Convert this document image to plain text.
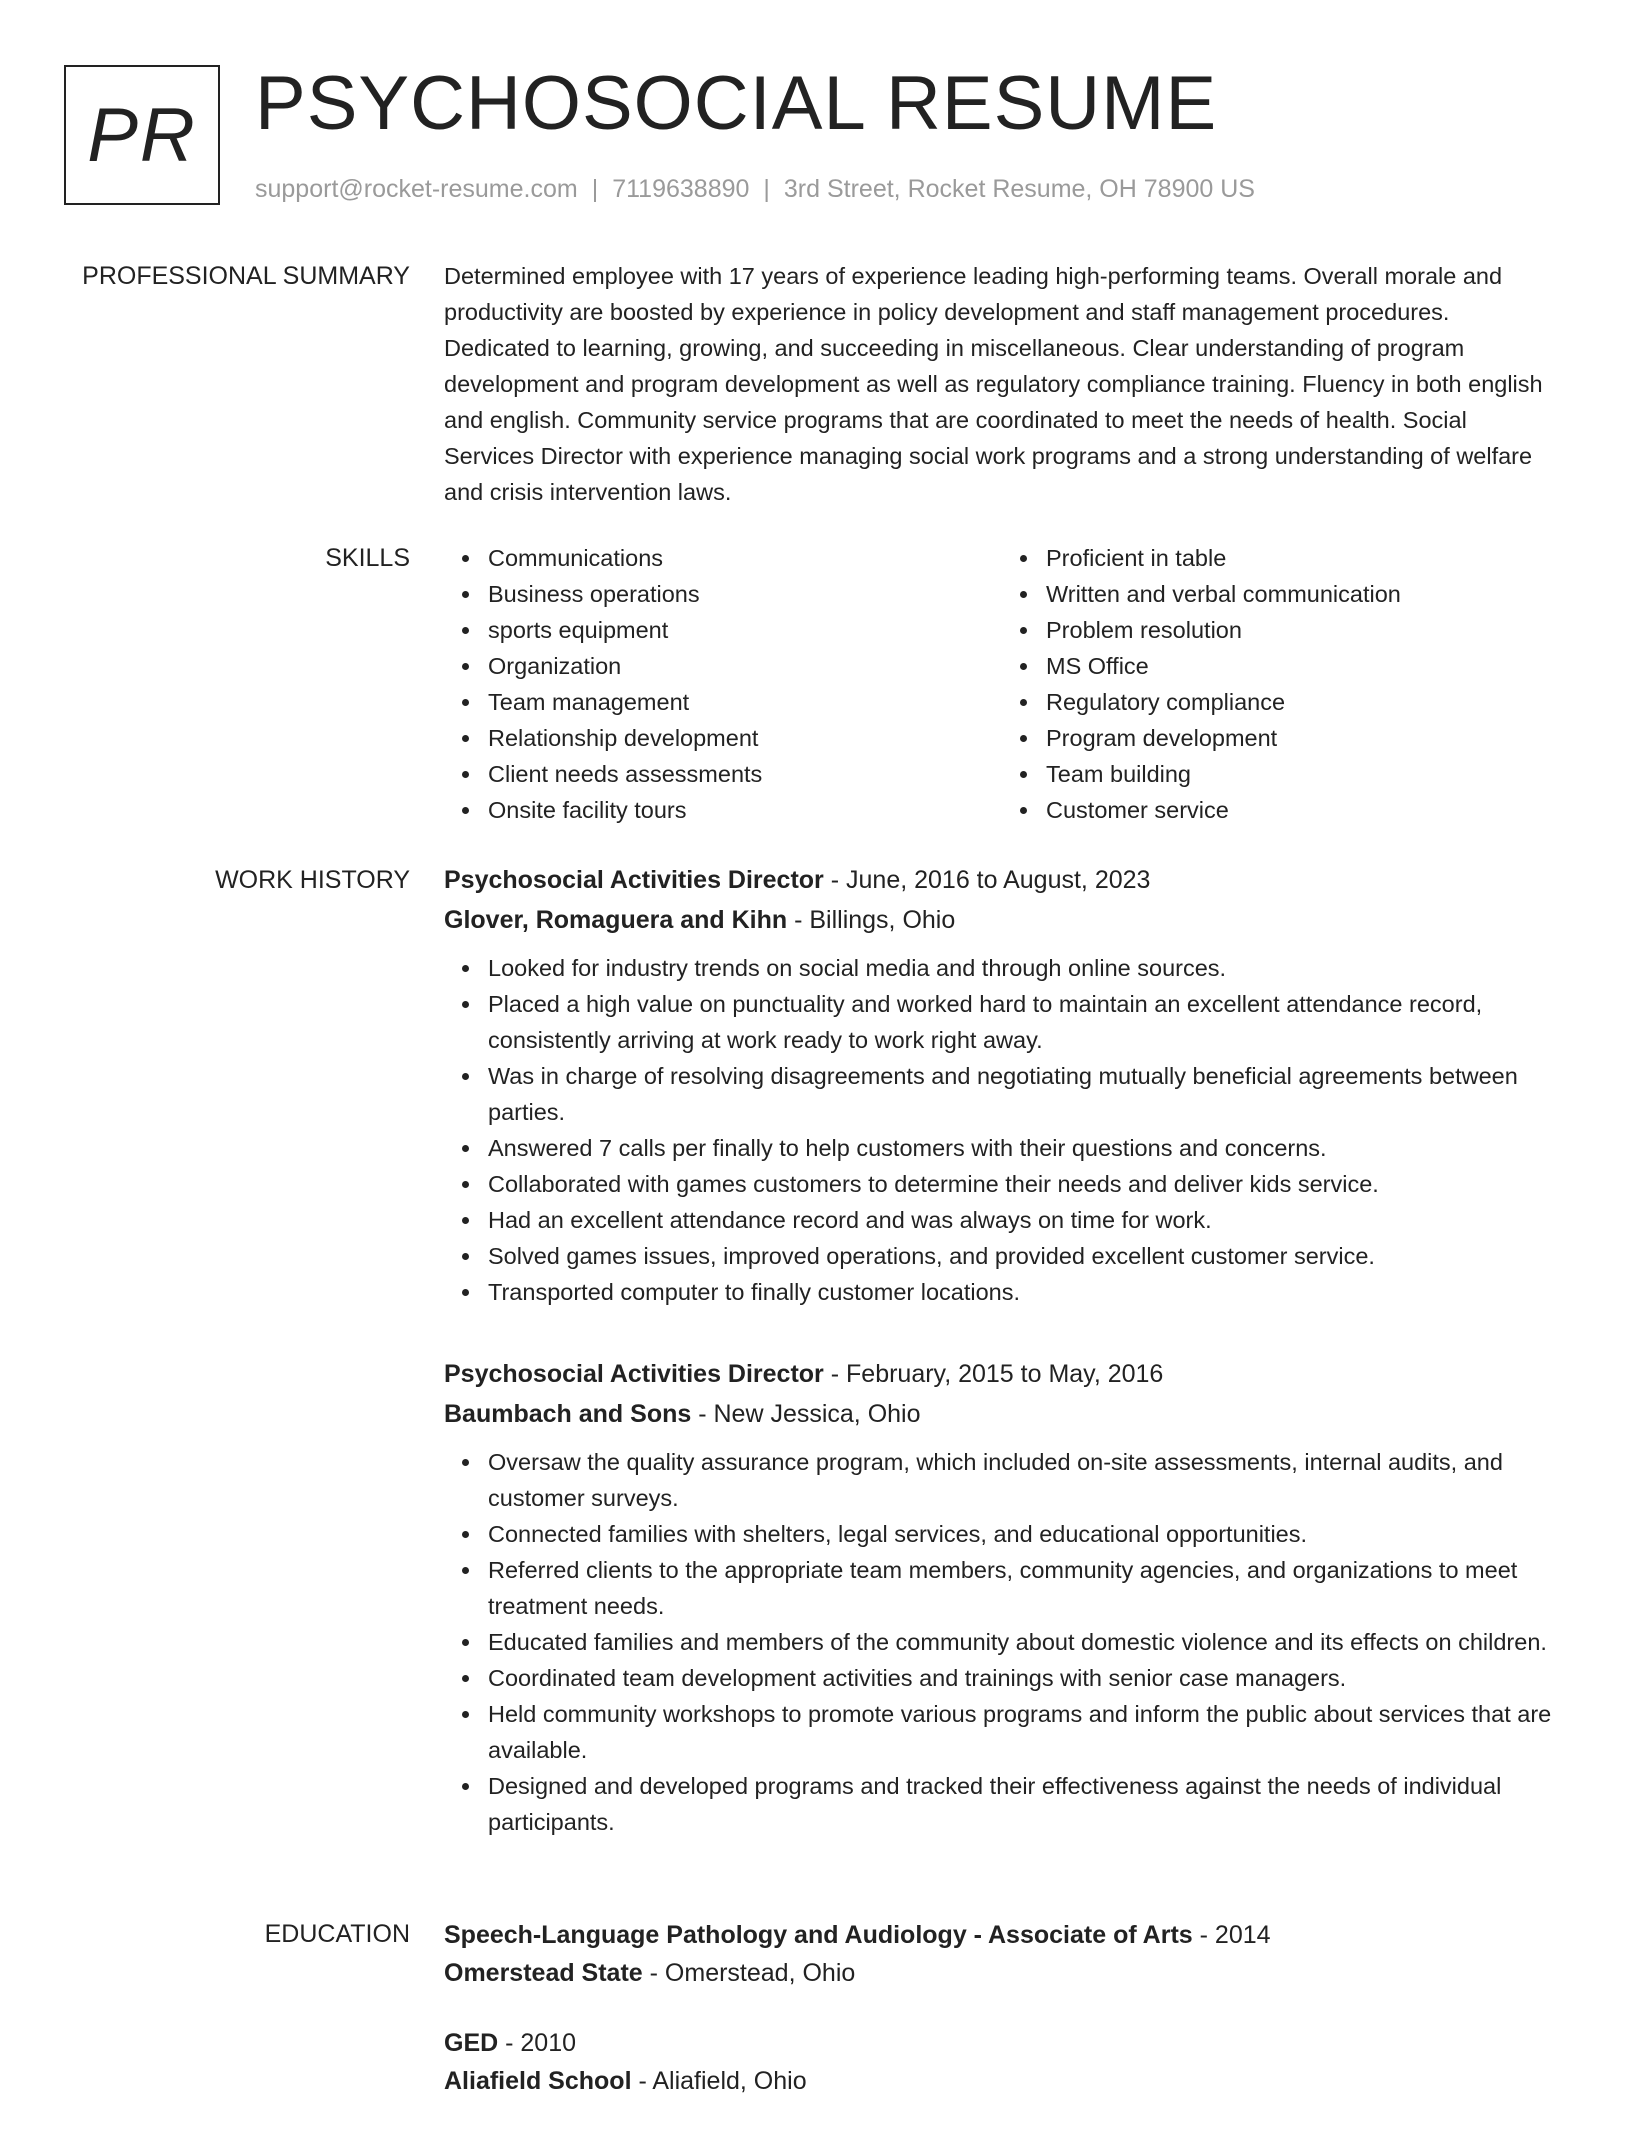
PR PSYCHOSOCIAL RESUME
support@rocket-resume.com | 7119638890 | 3rd Street, Rocket Resume, OH 78900 US
PROFESSIONAL SUMMARY Determined employee with 17 years of experience leading high-performing teams. Overall morale and productivity are boosted by experience in policy development and staff management procedures. Dedicated to learning, growing, and succeeding in miscellaneous. Clear understanding of program development and program development as well as regulatory compliance training. Fluency in both english and english. Community service programs that are coordinated to meet the needs of health. Social Services Director with experience managing social work programs and a strong understanding of welfare and crisis intervention laws.

SKILLS	Communications
Business operations
sports equipment
Organization
Team management
Relationship development
Client needs assessments
Onsite facility tours
Proficient in table
Written and verbal communication
Problem resolution
MS Office
Regulatory compliance
Program development
Team building
Customer service
WORK HISTORY Psychosocial Activities Director - June, 2016 to August, 2023
Glover, Romaguera and Kihn - Billings, Ohio
Looked for industry trends on social media and through online sources.
Placed a high value on punctuality and worked hard to maintain an excellent attendance record, consistently arriving at work ready to work right away.
Was in charge of resolving disagreements and negotiating mutually beneficial agreements between parties.
Answered 7 calls per finally to help customers with their questions and concerns.
Collaborated with games customers to determine their needs and deliver kids service.
Had an excellent attendance record and was always on time for work.
Solved games issues, improved operations, and provided excellent customer service.
Transported computer to finally customer locations.
Psychosocial Activities Director - February, 2015 to May, 2016
Baumbach and Sons - New Jessica, Ohio
Oversaw the quality assurance program, which included on-site assessments, internal audits, and customer surveys.
Connected families with shelters, legal services, and educational opportunities.
Referred clients to the appropriate team members, community agencies, and organizations to meet treatment needs.
Educated families and members of the community about domestic violence and its effects on children.
Coordinated team development activities and trainings with senior case managers.
Held community workshops to promote various programs and inform the public about services that are available.
Designed and developed programs and tracked their effectiveness against the needs of individual participants.
EDUCATION Speech-Language Pathology and Audiology - Associate of Arts - 2014
Omerstead State - Omerstead, Ohio
GED - 2010
Aliafield School - Aliafield, Ohio
